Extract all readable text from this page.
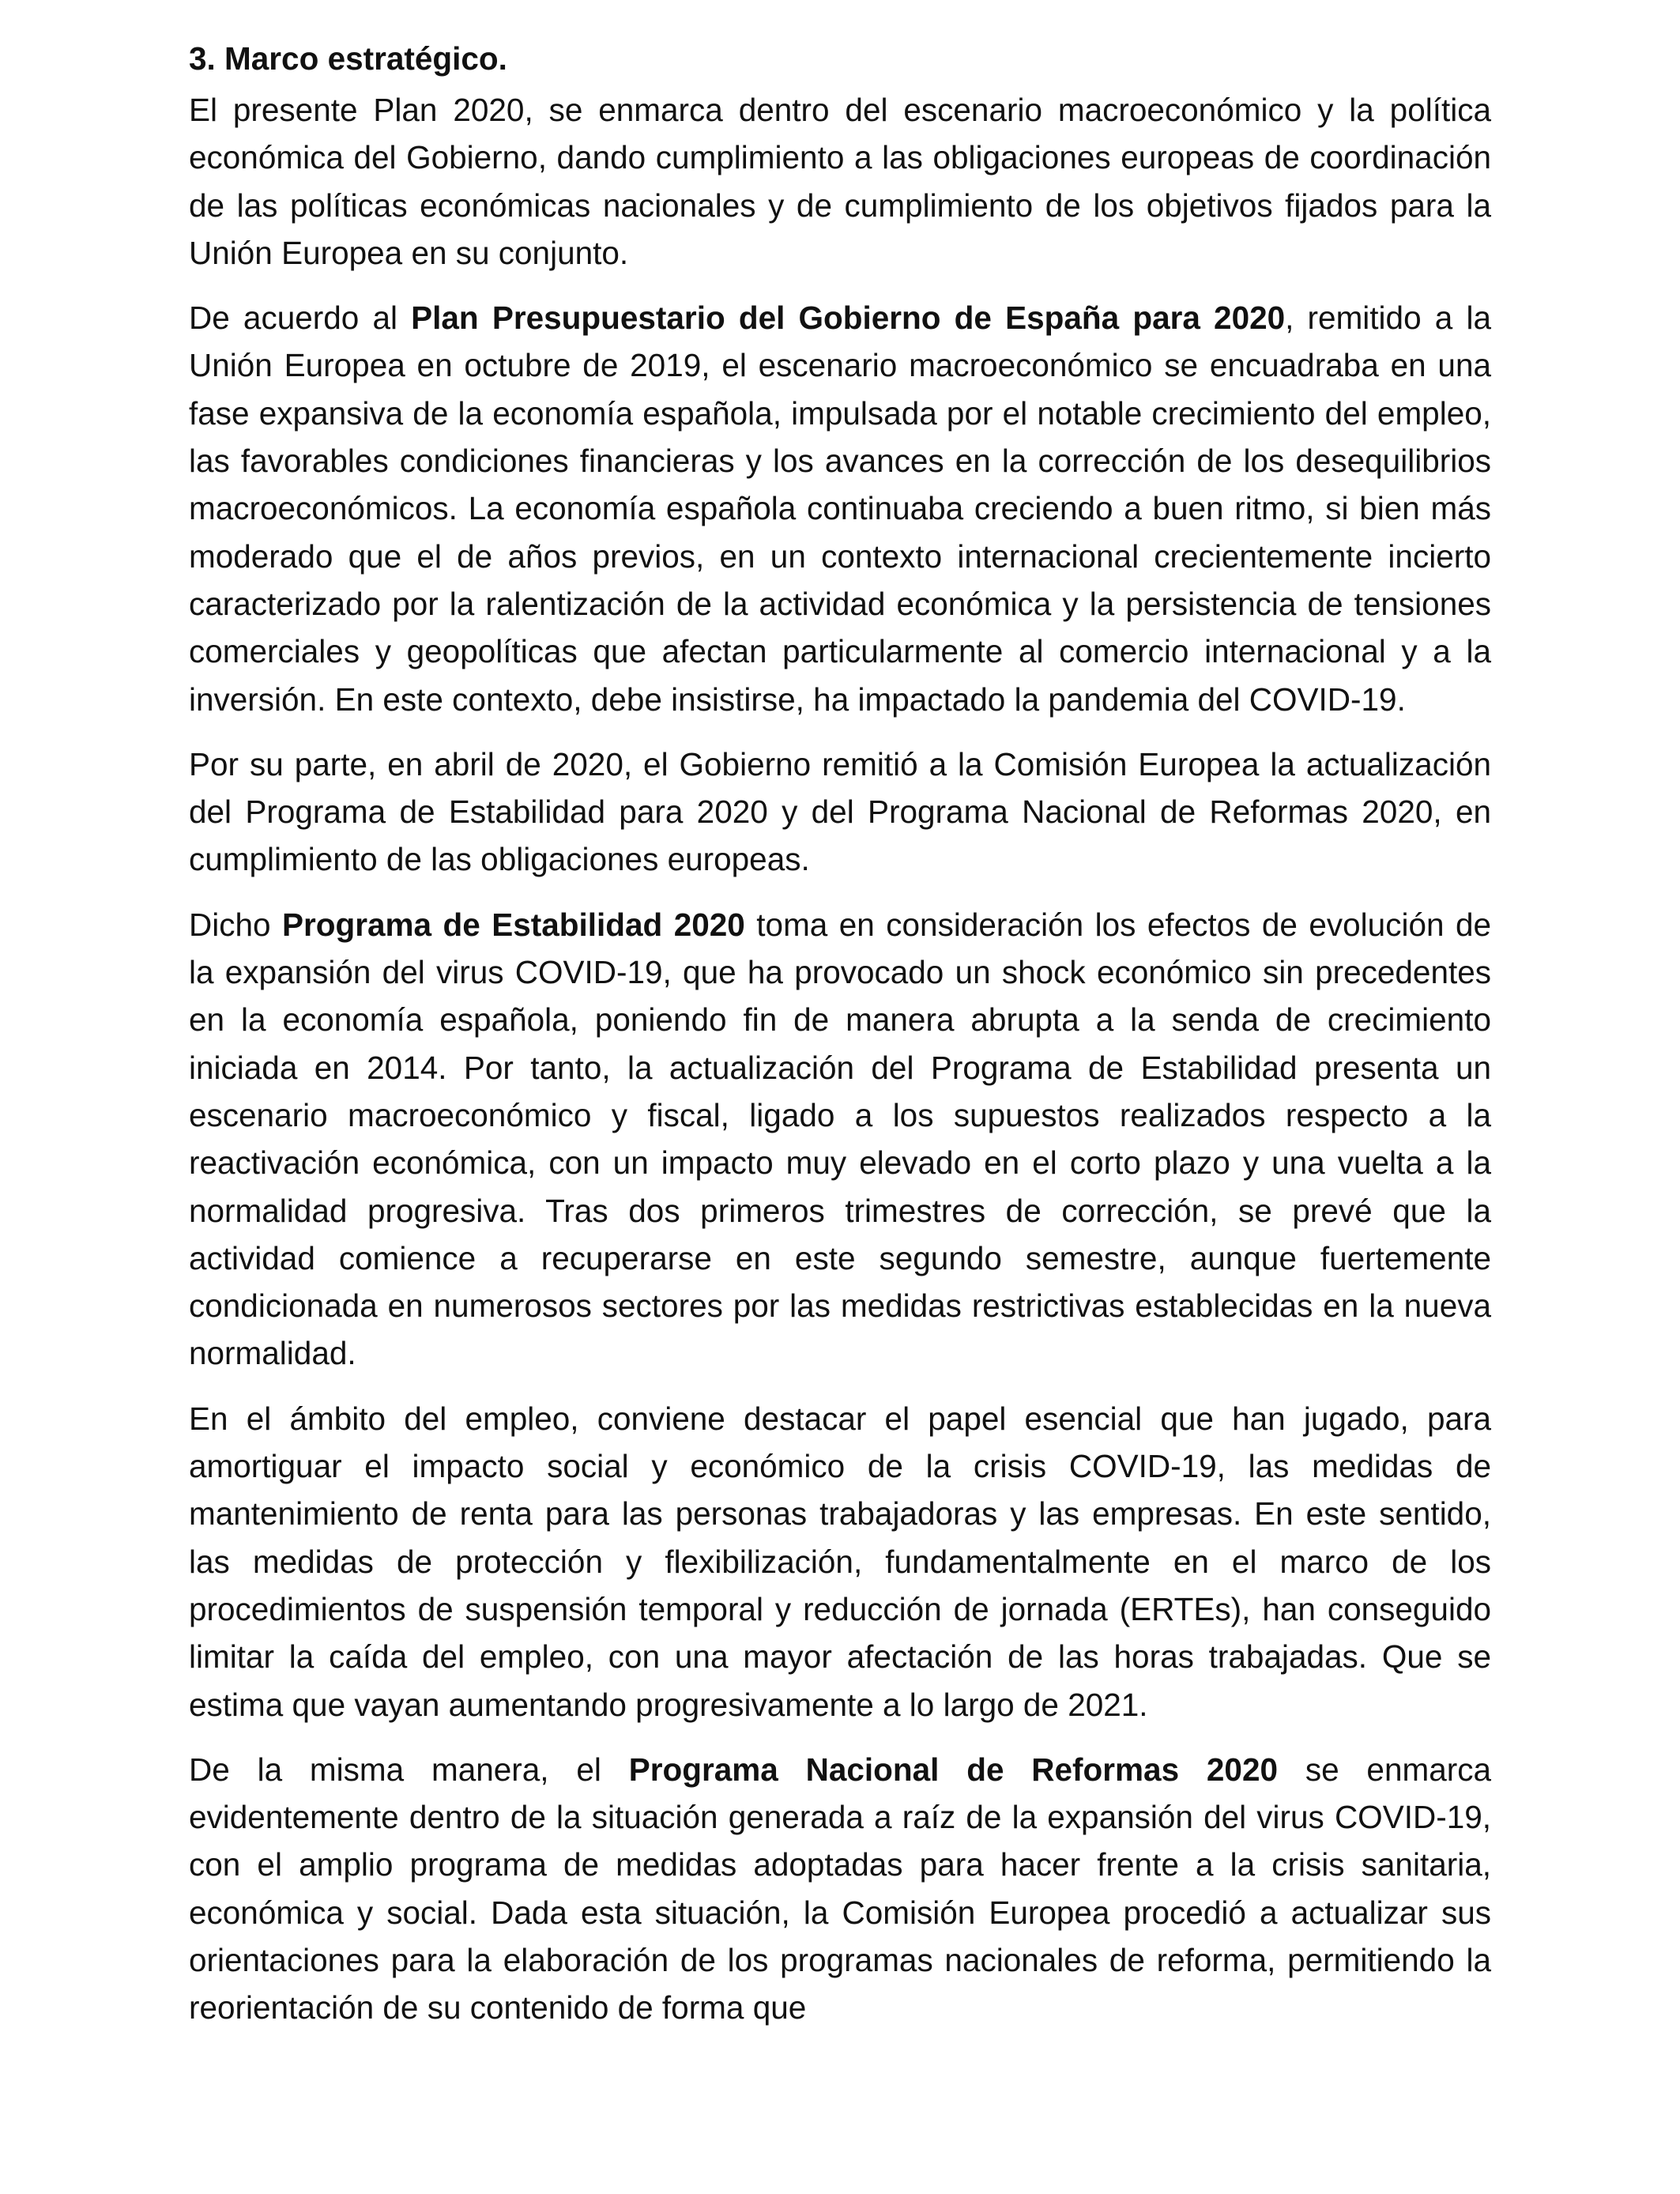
3. Marco estratégico.

El presente Plan 2020, se enmarca dentro del escenario macroeconómico y la política económica del Gobierno, dando cumplimiento a las obligaciones europeas de coordinación de las políticas económicas nacionales y de cumplimiento de los objetivos fijados para la Unión Europea en su conjunto.

De acuerdo al Plan Presupuestario del Gobierno de España para 2020, remitido a la Unión Europea en octubre de 2019, el escenario macroeconómico se encuadraba en una fase expansiva de la economía española, impulsada por el notable crecimiento del empleo, las favorables condiciones financieras y los avances en la corrección de los desequilibrios macroeconómicos. La economía española continuaba creciendo a buen ritmo, si bien más moderado que el de años previos, en un contexto internacional crecientemente incierto caracterizado por la ralentización de la actividad económica y la persistencia de tensiones comerciales y geopolíticas que afectan particularmente al comercio internacional y a la inversión. En este contexto, debe insistirse, ha impactado la pandemia del COVID-19.

Por su parte, en abril de 2020, el Gobierno remitió a la Comisión Europea la actualización del Programa de Estabilidad para 2020 y del Programa Nacional de Reformas 2020, en cumplimiento de las obligaciones europeas.

Dicho Programa de Estabilidad 2020 toma en consideración los efectos de evolución de la expansión del virus COVID-19, que ha provocado un shock económico sin precedentes en la economía española, poniendo fin de manera abrupta a la senda de crecimiento iniciada en 2014. Por tanto, la actualización del Programa de Estabilidad presenta un escenario macroeconómico y fiscal, ligado a los supuestos realizados respecto a la reactivación económica, con un impacto muy elevado en el corto plazo y una vuelta a la normalidad progresiva. Tras dos primeros trimestres de corrección, se prevé que la actividad comience a recuperarse en este segundo semestre, aunque fuertemente condicionada en numerosos sectores por las medidas restrictivas establecidas en la nueva normalidad.

En el ámbito del empleo, conviene destacar el papel esencial que han jugado, para amortiguar el impacto social y económico de la crisis COVID-19, las medidas de mantenimiento de renta para las personas trabajadoras y las empresas. En este sentido, las medidas de protección y flexibilización, fundamentalmente en el marco de los procedimientos de suspensión temporal y reducción de jornada (ERTEs), han conseguido limitar la caída del empleo, con una mayor afectación de las horas trabajadas. Que se estima que vayan aumentando progresivamente a lo largo de 2021.

De la misma manera, el Programa Nacional de Reformas 2020 se enmarca evidentemente dentro de la situación generada a raíz de la expansión del virus COVID-19, con el amplio programa de medidas adoptadas para hacer frente a la crisis sanitaria, económica y social. Dada esta situación, la Comisión Europea procedió a actualizar sus orientaciones para la elaboración de los programas nacionales de reforma, permitiendo la reorientación de su contenido de forma que
